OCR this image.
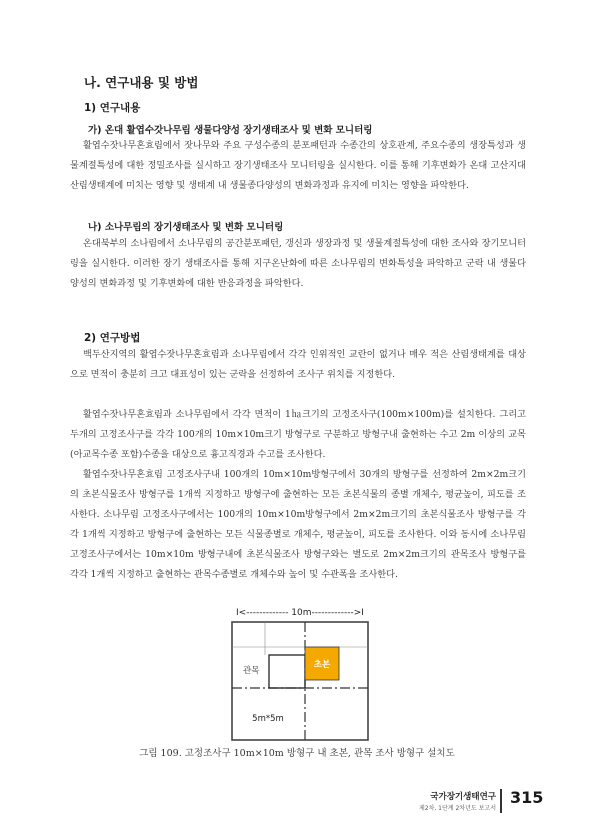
나. 연구내용 및 방법
1) 연구내용
가) 온대 활엽수갓나무림 생물다양성 장기생태조사 및 변화 모니터링

활엽수잣나무혼효림에서 잣나무와 주요 구성수종의 분포패턴과 수종간의 상호관계, 주요수종의 생장특성과 생물계절특성에 대한 정밀조사를 실시하고 장기생태조사 모니터링을 실시한다. 이를 통해 기후변화가 온대 고산지대 산림생태계에 미치는 영향 및 생태계 내 생물종다양성의 변화과정과 유지에 미치는 영향을 파악한다.

나) 소나무림의 장기생태조사 및 변화 모니터링

온대북부의 소나림에서 소나무림의 공간분포패턴, 갱신과 생장과정 및 생물계절특성에 대한 조사와 장기모니터링을 실시한다. 이러한 장기 생태조사를 통해 지구온난화에 따른 소나무림의 변화특성을 파악하고 군락 내 생물다양성의 변화과정 및 기후변화에 대한 반응과정을 파악한다.

2) 연구방법

백두산지역의 활엽수잣나무혼효림과 소나무림에서 각각 인위적인 교란이 없거나 매우 적은 산림생태계를 대상으로 면적이 충분히 크고 대표성이 있는 군락을 선정하여 조사구 위치를 지정한다.

활엽수잣나무혼효림과 소나무림에서 각각 면적이 1㏊크기의 고정조사구(100m×100m)를 설치한다. 그리고 두개의 고정조사구를 각각 100개의 10m×10m크기 방형구로 구분하고 방형구내 출현하는 수고 2m 이상의 교목(아교목수종 포함)수종을 대상으로 흉고직경과 수고를 조사한다.

활엽수잣나무혼효림 고정조사구내 100개의 10m×10m방형구에서 30개의 방형구를 선정하여 2m×2m크기의 초본식물조사 방형구를 1개씩 지정하고 방형구에 출현하는 모든 초본식물의 종별 개체수, 평균높이, 피도를 조사한다. 소나무림 고정조사구에서는 100개의 10m×10m방형구에서 2m×2m크기의 초본식물조사 방형구를 각각 1개씩 지정하고 방형구에 출현하는 모든 식물종별로 개체수, 평균높이, 피도를 조사한다. 이와 동시에 소나무림 고정조사구에서는 10m×10m 방형구내에 초본식물조사 방형구와는 별도로 2m×2m크기의 관목조사 방형구를 각각 1개씩 지정하고 출현하는 관목수종별로 개체수와 높이 및 수관폭을 조사한다.

I<------------- 10m------------->I
관목
초본
5m*5m
그림 109. 고정조사구 10m×10m 방형구 내 초본, 관목 조사 방형구 설치도
국가장기생태연구
제2차, 1단계 2차년도 보고서
315
